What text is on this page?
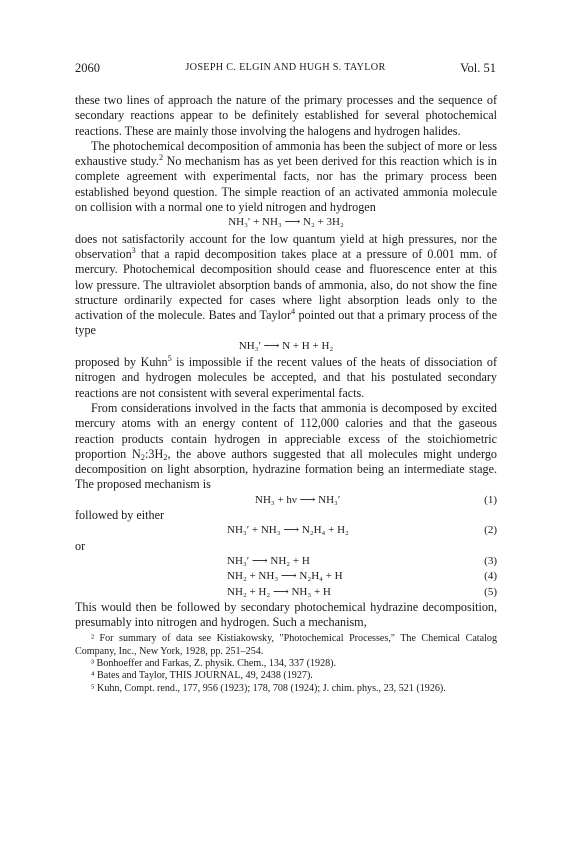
2060	JOSEPH C. ELGIN AND HUGH S. TAYLOR	Vol. 51

these two lines of approach the nature of the primary processes and the sequence of secondary reactions appear to be definitely established for several photochemical reactions. These are mainly those involving the halogens and hydrogen halides.

The photochemical decomposition of ammonia has been the subject of more or less exhaustive study.$^2$ No mechanism has as yet been derived for this reaction which is in complete agreement with experimental facts, nor has the primary process been established beyond question. The simple reaction of an activated ammonia molecule on collision with a normal one to yield nitrogen and hydrogen

NH₃′ + NH₃ ⟶ N₂ + 3H₂

does not satisfactorily account for the low quantum yield at high pressures, nor the observation$^3$ that a rapid decomposition takes place at a pressure of 0.001 mm. of mercury. Photochemical decomposition should cease and fluorescence enter at this low pressure. The ultraviolet absorption bands of ammonia, also, do not show the fine structure ordinarily expected for cases where light absorption leads only to the activation of the molecule. Bates and Taylor$^4$ pointed out that a primary process of the type

NH₃′ ⟶ N + H + H₂

proposed by Kuhn$^5$ is impossible if the recent values of the heats of dissociation of nitrogen and hydrogen molecules be accepted, and that his postulated secondary reactions are not consistent with several experimental facts.

From considerations involved in the facts that ammonia is decomposed by excited mercury atoms with an energy content of 112,000 calories and that the gaseous reaction products contain hydrogen in appreciable excess of the stoichiometric proportion $N_2:3H_2$, the above authors suggested that all molecules might undergo decomposition on light absorption, hydrazine formation being an intermediate stage. The proposed mechanism is

NH₃ + hν ⟶ NH₃′	(1)
followed by either
NH₃′ + NH₃ ⟶ N₂H₄ + H₂	(2)
or
NH₃′ ⟶ NH₂ + H	(3)
NH₂ + NH₃ ⟶ N₂H₄ + H	(4)
NH₂ + H₂ ⟶ NH₃ + H	(5)

This would then be followed by secondary photochemical hydrazine decomposition, presumably into nitrogen and hydrogen. Such a mechanism,

² For summary of data see Kistiakowsky, "Photochemical Processes," The Chemical Catalog Company, Inc., New York, 1928, pp. 251–254.

³ Bonhoeffer and Farkas, Z. physik. Chem., 134, 337 (1928).

⁴ Bates and Taylor, THIS JOURNAL, 49, 2438 (1927).

⁵ Kuhn, Compt. rend., 177, 956 (1923); 178, 708 (1924); J. chim. phys., 23, 521 (1926).
